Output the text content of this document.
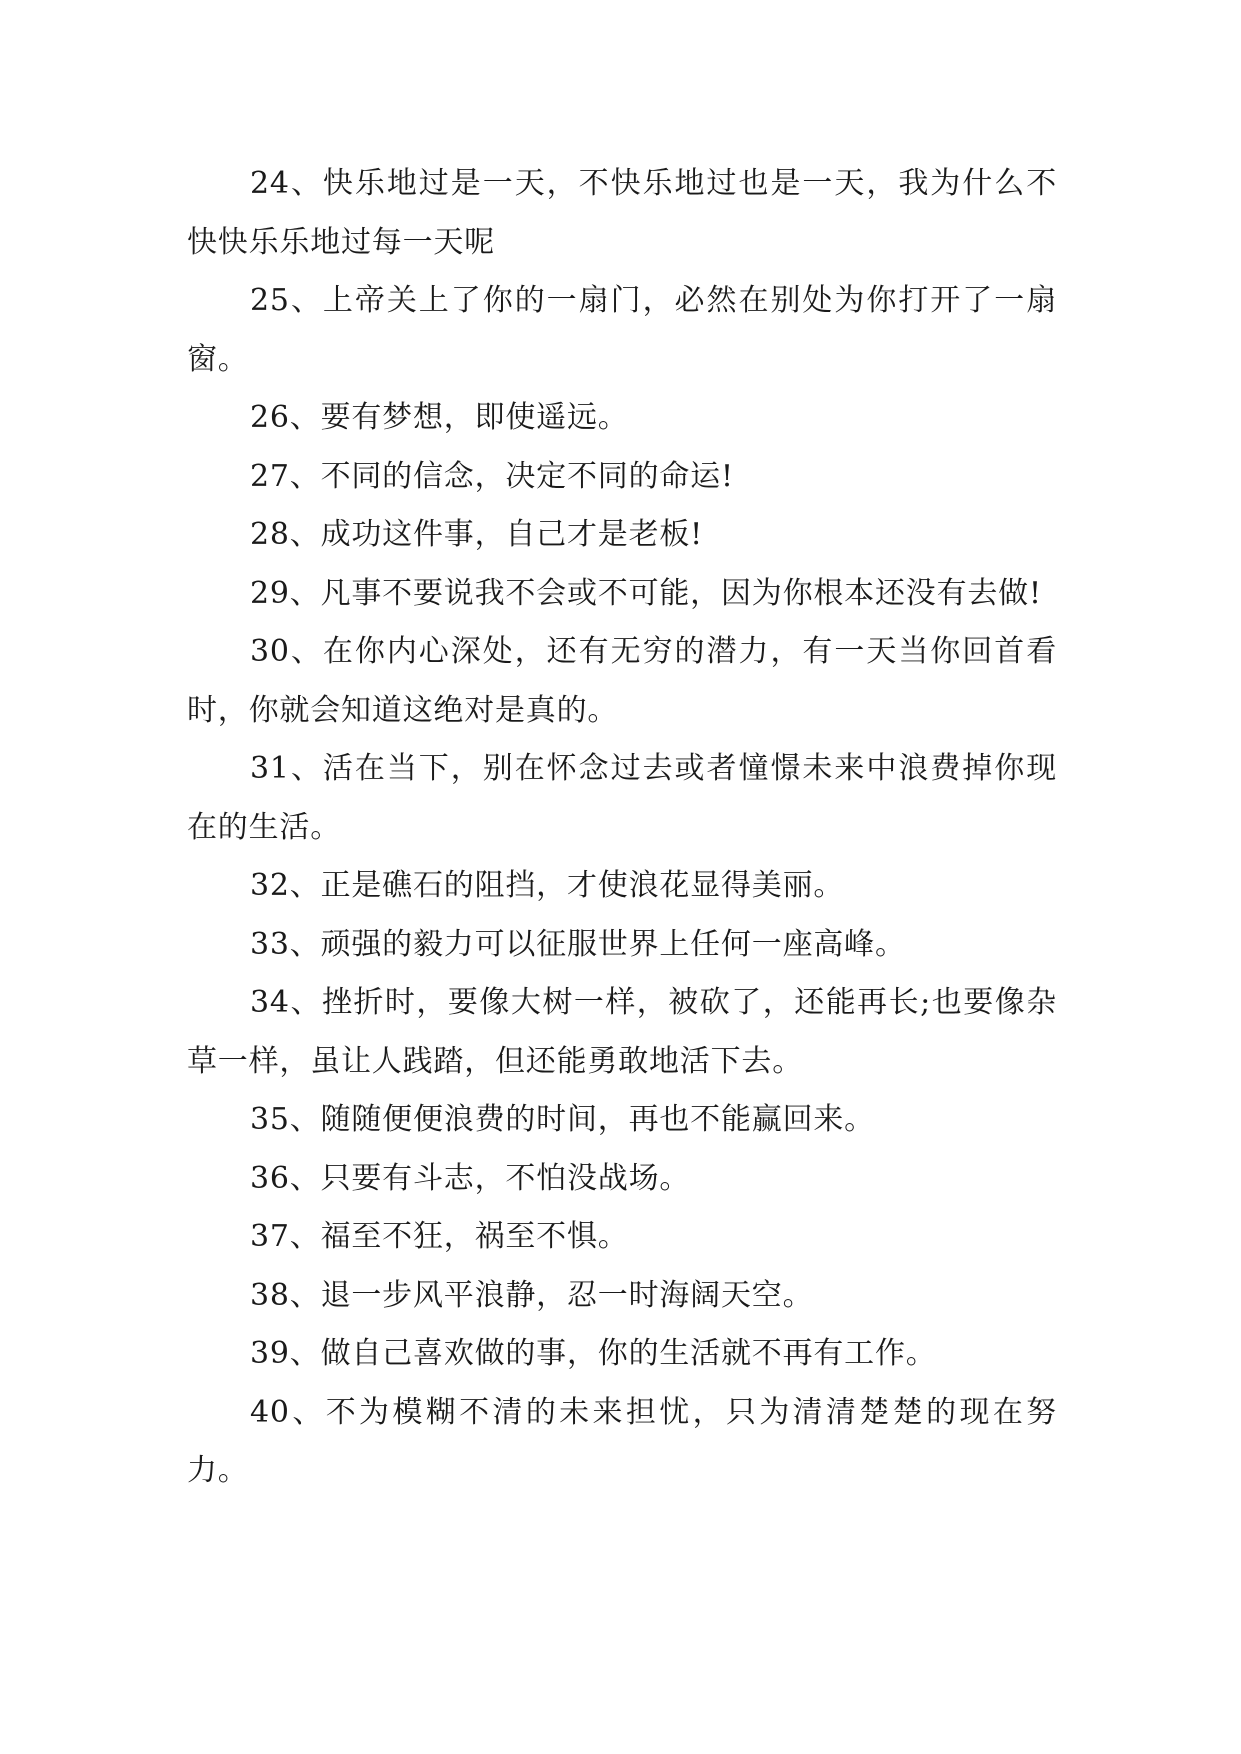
24、快乐地过是一天，不快乐地过也是一天，我为什么不快快乐乐地过每一天呢

25、上帝关上了你的一扇门，必然在别处为你打开了一扇窗。

26、要有梦想，即使遥远。

27、不同的信念，决定不同的命运!

28、成功这件事，自己才是老板!

29、凡事不要说我不会或不可能，因为你根本还没有去做!

30、在你内心深处，还有无穷的潜力，有一天当你回首看时，你就会知道这绝对是真的。

31、活在当下，别在怀念过去或者憧憬未来中浪费掉你现在的生活。

32、正是礁石的阻挡，才使浪花显得美丽。

33、顽强的毅力可以征服世界上任何一座高峰。

34、挫折时，要像大树一样，被砍了，还能再长;也要像杂草一样，虽让人践踏，但还能勇敢地活下去。

35、随随便便浪费的时间，再也不能赢回来。

36、只要有斗志，不怕没战场。

37、福至不狂，祸至不惧。

38、退一步风平浪静，忍一时海阔天空。

39、做自己喜欢做的事，你的生活就不再有工作。

40、不为模糊不清的未来担忧，只为清清楚楚的现在努力。
